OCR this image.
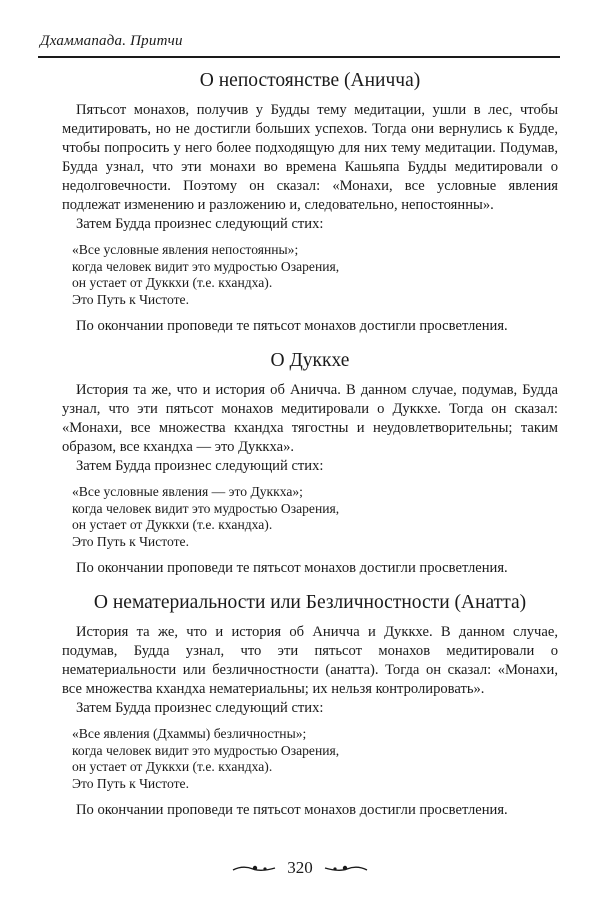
Дхаммапада. Притчи
О непостоянстве (Аничча)

Пятьсот монахов, получив у Будды тему медитации, ушли в лес, чтобы медитировать, но не достигли больших успехов. Тогда они вернулись к Будде, чтобы попросить у него более подходящую для них тему медитации. Подумав, Будда узнал, что эти монахи во времена Кашьяпа Будды медитировали о недолговечности. Поэтому он сказал: «Монахи, все условные явления подлежат изменению и разложению и, следовательно, непостоянны».

Затем Будда произнес следующий стих:

«Все условные явления непостоянны»;
когда человек видит это мудростью Озарения,
он устает от Дуккхи (т.е. кхандха).
Это Путь к Чистоте.

По окончании проповеди те пятьсот монахов достигли просветления.

О Дуккхе

История та же, что и история об Аничча. В данном случае, подумав, Будда узнал, что эти пятьсот монахов медитировали о Дуккхе. Тогда он сказал: «Монахи, все множества кхандха тягостны и неудовлетворительны; таким образом, все кхандха — это Дуккха».

Затем Будда произнес следующий стих:

«Все условные явления — это Дуккха»;
когда человек видит это мудростью Озарения,
он устает от Дуккхи (т.е. кхандха).
Это Путь к Чистоте.

По окончании проповеди те пятьсот монахов достигли просветления.

О нематериальности или Безличностности (Анатта)

История та же, что и история об Аничча и Дуккхе. В данном случае, подумав, Будда узнал, что эти пятьсот монахов медитировали о нематериальности или безличностности (анатта). Тогда он сказал: «Монахи, все множества кхандха нематериальны; их нельзя контролировать».

Затем Будда произнес следующий стих:

«Все явления (Дхаммы) безличностны»;
когда человек видит это мудростью Озарения,
он устает от Дуккхи (т.е. кхандха).
Это Путь к Чистоте.

По окончании проповеди те пятьсот монахов достигли просветления.

320
